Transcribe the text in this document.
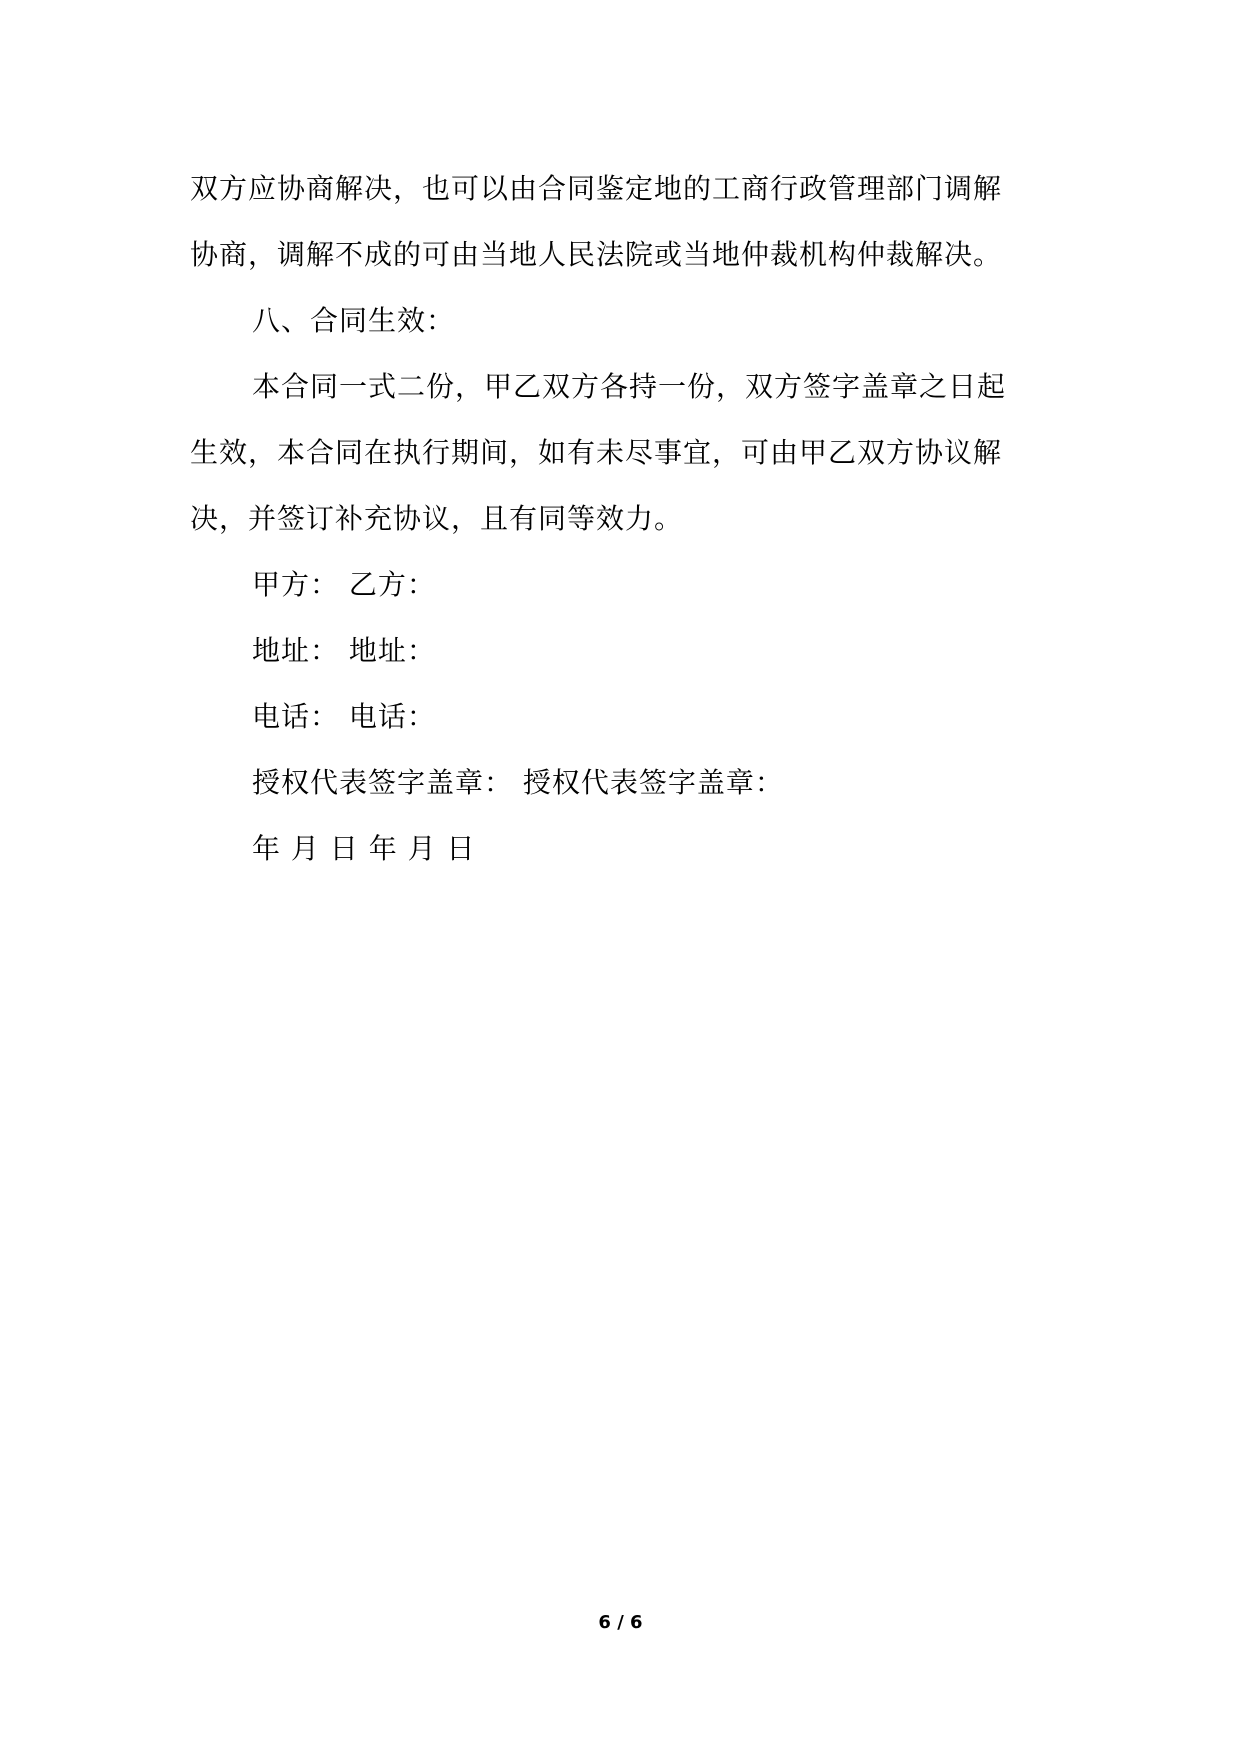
双方应协商解决，也可以由合同鉴定地的工商行政管理部门调解
协商，调解不成的可由当地人民法院或当地仲裁机构仲裁解决。
八、合同生效：
本合同一式二份，甲乙双方各持一份，双方签字盖章之日起
生效，本合同在执行期间，如有未尽事宜，可由甲乙双方协议解
决，并签订补充协议，且有同等效力。
甲方： 乙方：
地址： 地址：
电话： 电话：
授权代表签字盖章： 授权代表签字盖章：
年 月 日 年 月 日
6 / 6
